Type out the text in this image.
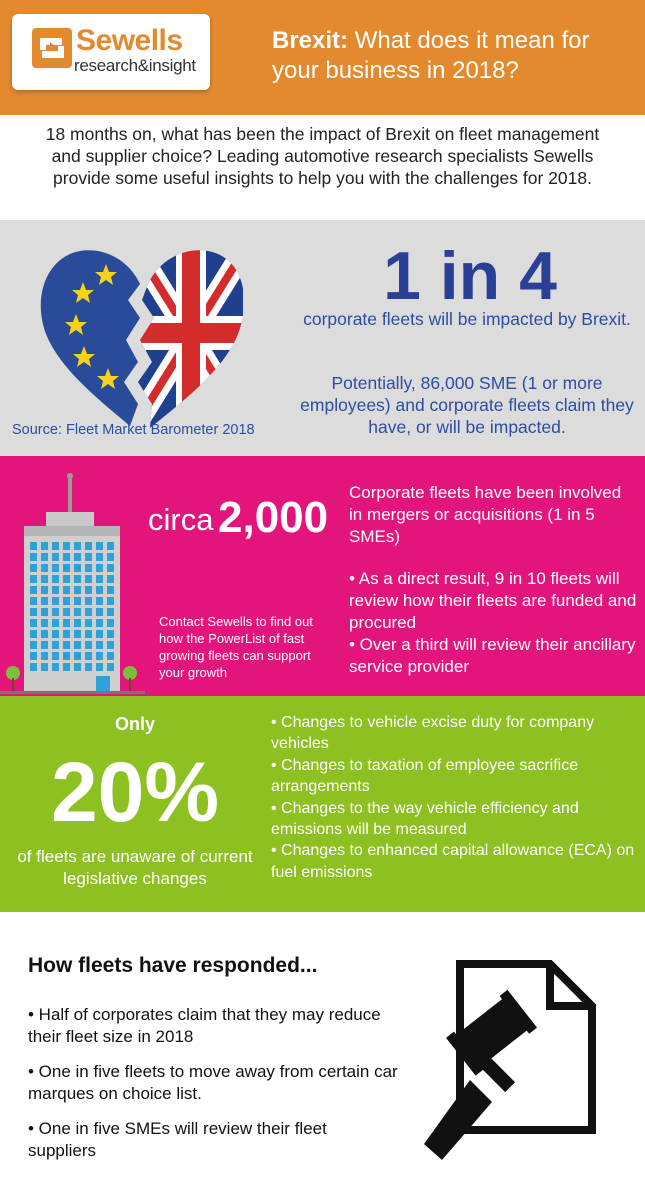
Sewells
research&insight
Brexit: What does it mean for your business in 2018?

18 months on, what has been the impact of Brexit on fleet management and supplier choice? Leading automotive research specialists Sewells provide some useful insights to help you with the challenges for 2018.

Source: Fleet Market Barometer 2018
1 in 4
corporate fleets will be impacted by Brexit.
Potentially, 86,000 SME (1 or more employees) and corporate fleets claim they have, or will be impacted.
circa 2,000
Contact Sewells to find out how the PowerList of fast growing fleets can support your growth
Corporate fleets have been involved in mergers or acquisitions (1 in 5 SMEs)
• As a direct result, 9 in 10 fleets will review how their fleets are funded and procured
• Over a third will review their ancillary service provider
Only
20%
of fleets are unaware of current legislative changes
• Changes to vehicle excise duty for company vehicles
• Changes to taxation of employee sacrifice arrangements
• Changes to the way vehicle efficiency and emissions will be measured
• Changes to enhanced capital allowance (ECA) on fuel emissions
How fleets have responded...
• Half of corporates claim that they may reduce their fleet size in 2018
• One in five fleets to move away from certain car marques on choice list.
• One in five SMEs will review their fleet suppliers
